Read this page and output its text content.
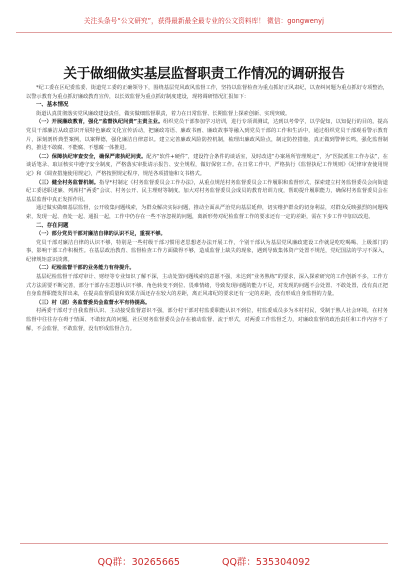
关注头条号“公文研究”，获得最新最全最专业的公文资料库！ 微信：gongwenyj
关于做细做实基层监督职责工作情况的调研报告

*纪工委在区纪委监委、街道党工委的正确领导下，围绕基层党风政风监督工作，坚持以监督检查为重点抓好正风肃纪，以查纠问题为重点抓好专项整治，以警示教育为重点抓好廉政教育宣传，以长效监督为重点抓好制度建设，现将调研情况汇报如下：

一、基本情况

街道认真贯彻落实党风廉政建设责任，做实做细监督职责，着力在日常监督、长期监督上探索创新、实现突破。

（一）开展廉政教育，强化“监督执纪问责”主责主业。组织党员干部参加学习培训，进行专项训测试，达到以考带学，以学促知，以知促行的目的。提高党员干部廉洁从政意识开展特色廉政文化宣传活动，把廉政寄语、廉政书画、廉政故事等融入到党员干部的工作和生活中，通过组织党员干部观看警示教育片，深刻剖析典型案例，以案释德，强化廉洁自律意识。建立完善廉政风险防控机制，梳理出廉政风险点，制定防控措施，真正做到警钟长鸣，强化监督制约，推进不敢腐、不能腐、不想腐一体推进。

（二）保障执纪审查安全，确保严肃执纪问责。配齐“软件+硬件”，建设符合条件的谈话室，及时改进“办案场所管理规定”，为“医院派驻工作办法”，在谈话笔录、取证核实中遵守安全制度，严格落实审批请示报告、安全规程，做好保密工作。在日常工作中，严格执行《监督执纪工作规则》《纪律审查使用规定》和《调查措施使用规定》，严格按照规定程序，规范各项措施和文书格式。

（三）健全村务监督机制。指导*村制定《村务监督委员会工作办法》，从重点规范村务监督委员会工作履职和监督形式，探索建立村务监督委员会向街道纪工委述职述廉、列席村“两委”会议、村务公开、民主理财等制度。加大对村务监督委员会成员的教育培训力度，帮助提升履职能力，确保村务监督委员会在基层监督中真正发挥作用。

通过做实做细基层监督，公开收集问题线索，为群众解决实际问题，推动全面从严治党向基层延伸，切实维护群众的切身利益，对群众反映强烈的问题线索，发现一起、查处一起、通报一起，工作中仍存在一些不容忽视的问题，离新形势对纪检监督工作的要求还有一定的差距，需在下步工作中加以改进。

二、存在问题

（一）部分党员干部对廉洁自律的认识不足，重视不够。

党员干部对廉洁自律的认识不够，特别是一些村级干部习惯用老思想老办法开展工作，个别干部认为基层党风廉政建设工作就是吃吃喝喝、上级部门的事，影响干部工作积极性。在基层政治教育、监督检查工作方面做得不够，造成监督上缺失的现象，遇到导致集体资产处置不规范，党纪国法的学习不深入，纪律规矩意识淡薄。

（二）纪检监督干部的业务能力有待提升。

基层纪检监督干部对审计、财经等专业知识了解不深，主动处置问题线索的意愿不强，未达到“业务熟练”的要求，深入探索研究的工作创新不多，工作方式方法需要不断完善，部分干部存在思想认识不够、角色转变不到位、畏难情绪，导致发现问题的能力不足，对发现的问题不会处置、不敢处置，没有真正把自身监督职能发挥出来，在提高监督质量和效果方面还存在较大的差距，离正风肃纪的要求还有一定的差距，没有形成自身监督的力量。

（三）村（居）务监督委员会监督水平有待提高。

村两委干部对于自我监督认识、主动接受监督意识不强，部分村干部对村监委职能认识不到位，村监委成员多为本村村民，受制于熟人社会环境，在村务监督中往往存在碍于情面、不敢较真的问题，社区财务监督委员会存在被动监督、流于形式，对两委工作监督乏力，对廉政监督的政治责任和工作内容不了解，不会监督，不敢监督，没有形成监督合力。

QQ群：30265665	QQ群：535304092
